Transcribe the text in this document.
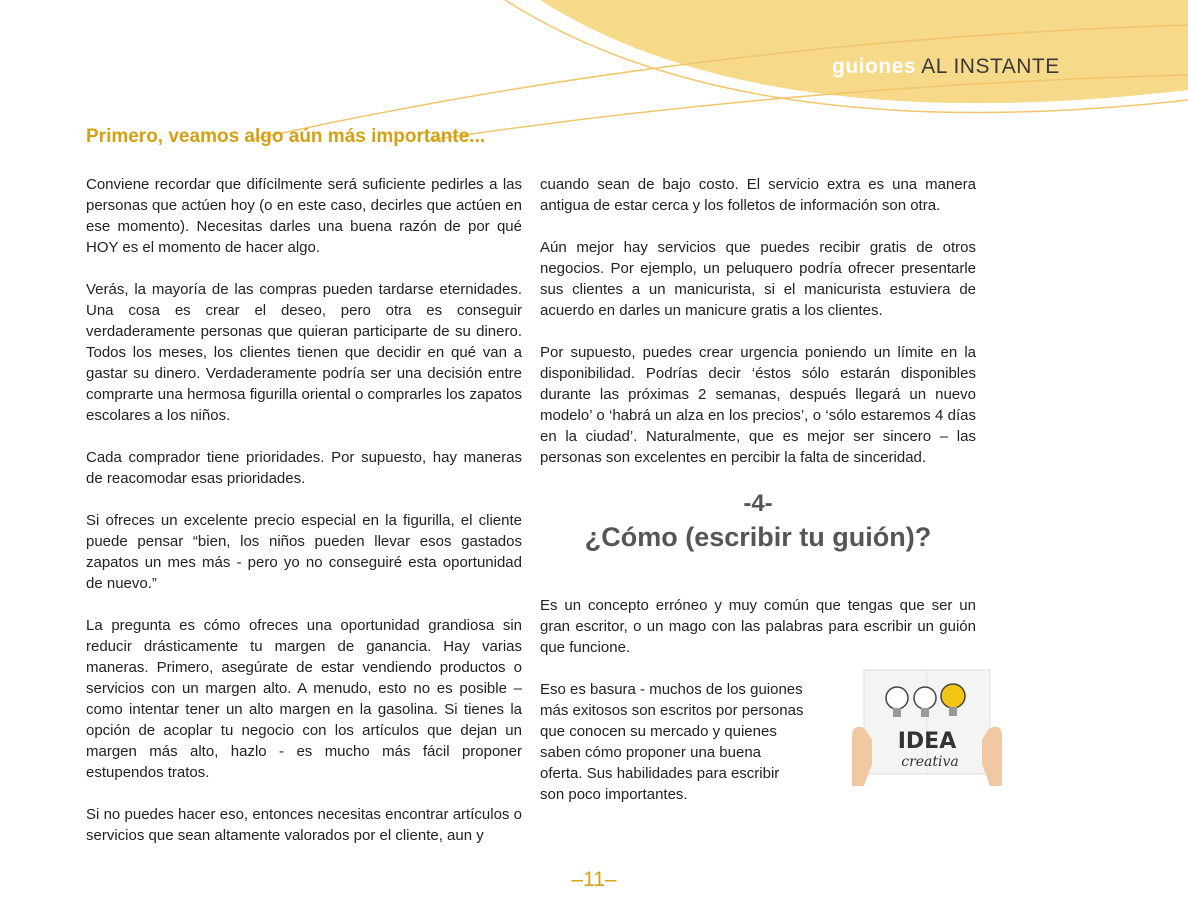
guiones AL INSTANTE
Primero, veamos algo aún más importante...

Conviene recordar que difícilmente será suficiente pedirles a las personas que actúen hoy (o en este caso, decirles que actúen en ese momento). Necesitas darles una buena razón de por qué HOY es el momento de hacer algo.

Verás, la mayoría de las compras pueden tardarse eternidades. Una cosa es crear el deseo, pero otra es conseguir verdaderamente personas que quieran participarte de su dinero. Todos los meses, los clientes tienen que decidir en qué van a gastar su dinero. Verdaderamente podría ser una decisión entre comprarte una hermosa figurilla oriental o comprarles los zapatos escolares a los niños.

Cada comprador tiene prioridades. Por supuesto, hay maneras de reacomodar esas prioridades.

Si ofreces un excelente precio especial en la figurilla, el cliente puede pensar “bien, los niños pueden llevar esos gastados zapatos un mes más - pero yo no conseguiré esta oportunidad de nuevo.”

La pregunta es cómo ofreces una oportunidad grandiosa sin reducir drásticamente tu margen de ganancia. Hay varias maneras. Primero, asegúrate de estar vendiendo productos o servicios con un margen alto. A menudo, esto no es posible – como intentar tener un alto margen en la gasolina. Si tienes la opción de acoplar tu negocio con los artículos que dejan un margen más alto, hazlo - es mucho más fácil proponer estupendos tratos.

Si no puedes hacer eso, entonces necesitas encontrar artículos o servicios que sean altamente valorados por el cliente, aun y

cuando sean de bajo costo. El servicio extra es una manera antigua de estar cerca y los folletos de información son otra.

Aún mejor hay servicios que puedes recibir gratis de otros negocios. Por ejemplo, un peluquero podría ofrecer presentarle sus clientes a un manicurista, si el manicurista estuviera de acuerdo en darles un manicure gratis a los clientes.

Por supuesto, puedes crear urgencia poniendo un límite en la disponibilidad. Podrías decir ‘éstos sólo estarán disponibles durante las próximas 2 semanas, después llegará un nuevo modelo’ o ‘habrá un alza en los precios’, o ‘sólo estaremos 4 días en la ciudad’. Naturalmente, que es mejor ser sincero – las personas son excelentes en percibir la falta de sinceridad.

-4-
¿Cómo (escribir tu guión)?

Es un concepto erróneo y muy común que tengas que ser un gran escritor, o un mago con las palabras para escribir un guión que funcione.

Eso es basura - muchos de los guiones más exitosos son escritos por personas que conocen su mercado y quienes saben cómo proponer una buena oferta. Sus habilidades para escribir son poco importantes.

IDEA
creativa
–11–
